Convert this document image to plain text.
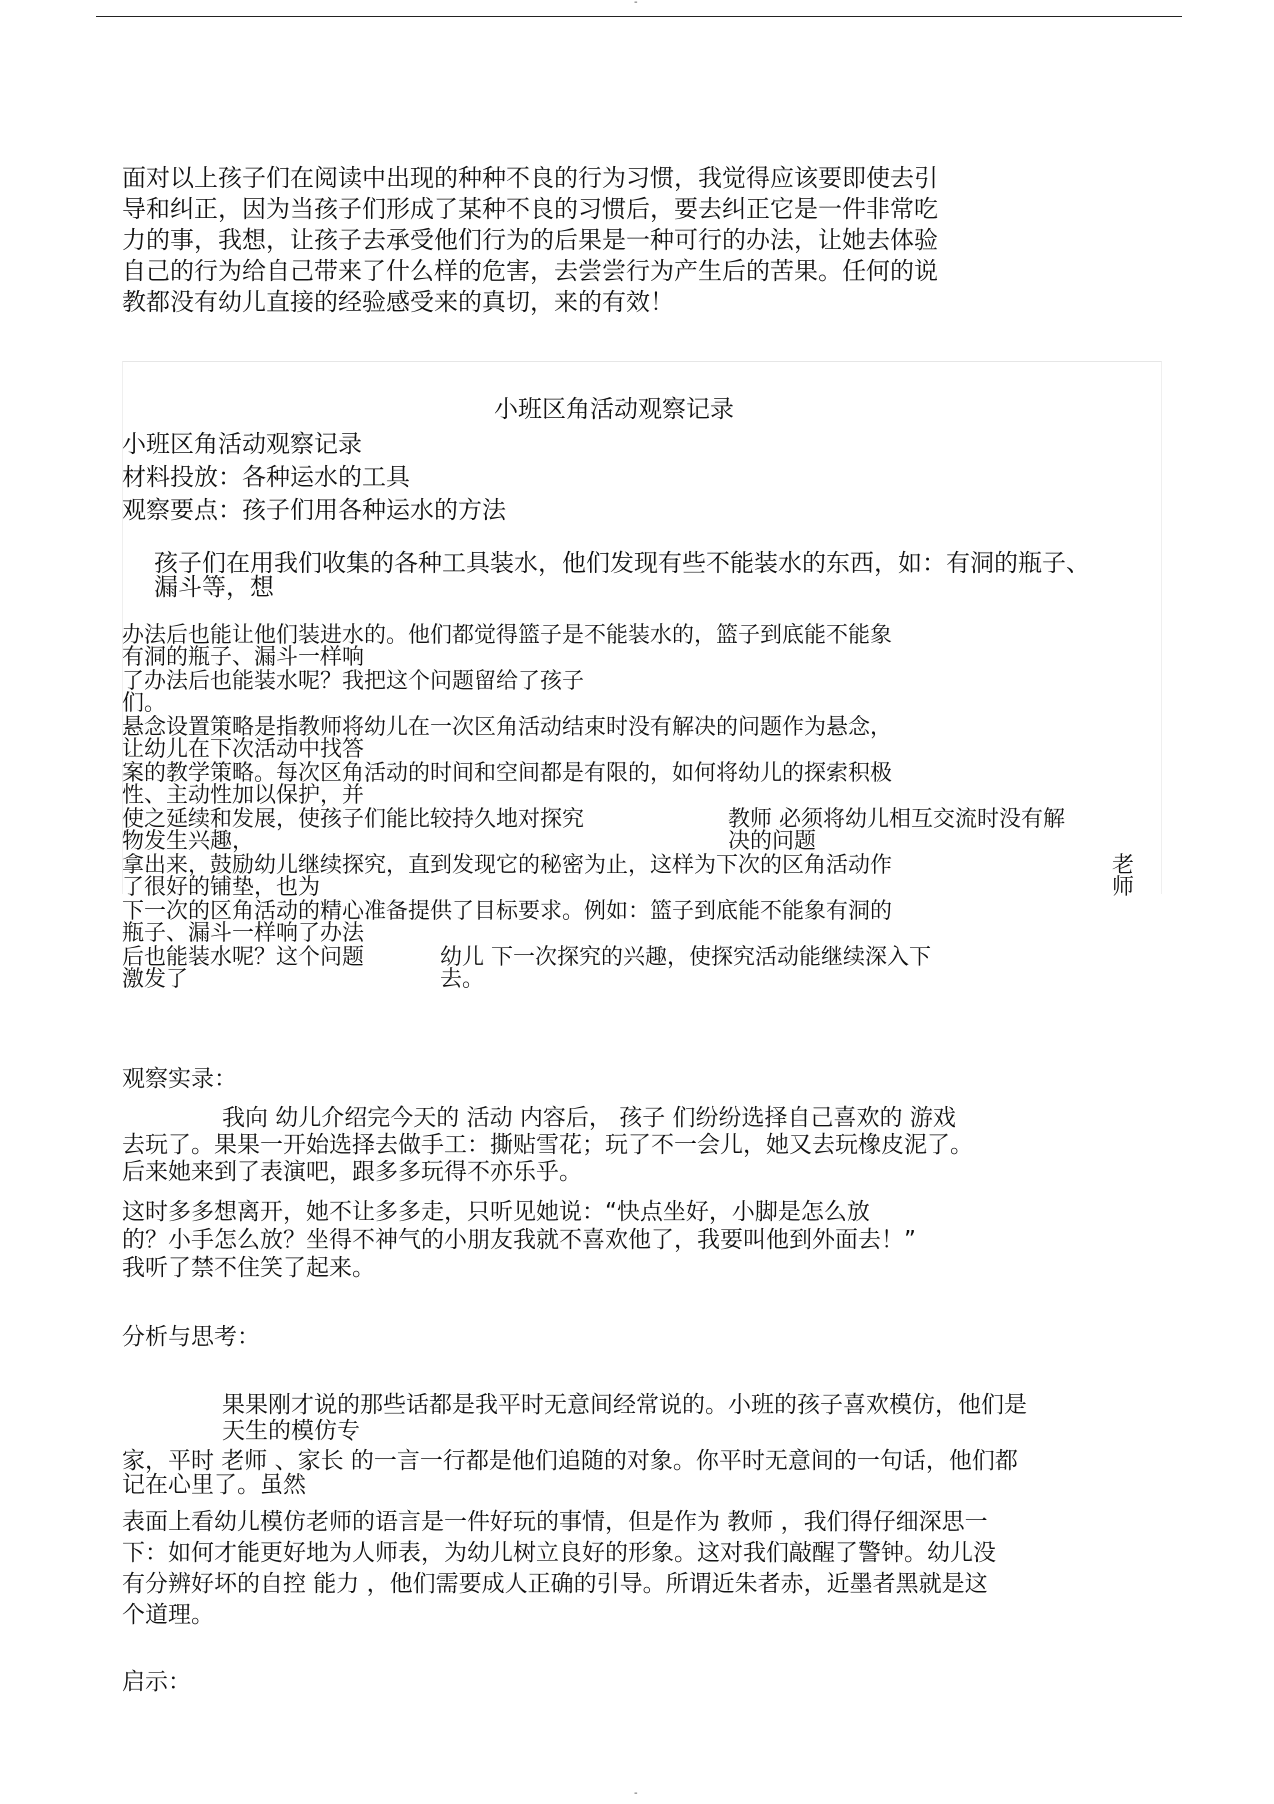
-
面对以上孩子们在阅读中出现的种种不良的行为习惯，我觉得应该要即使去引
导和纠正，因为当孩子们形成了某种不良的习惯后，要去纠正它是一件非常吃
力的事，我想，让孩子去承受他们行为的后果是一种可行的办法，让她去体验
自己的行为给自己带来了什么样的危害，去尝尝行为产生后的苦果。任何的说
教都没有幼儿直接的经验感受来的真切，来的有效！
小班区角活动观察记录
小班区角活动观察记录
材料投放：各种运水的工具
观察要点：孩子们用各种运水的方法
孩子们在用我们收集的各种工具装水，他们发现有些不能装水的东西，如：有洞的瓶子、
漏斗等，想
办法后也能让他们装进水的。他们都觉得篮子是不能装水的，篮子到底能不能象
有洞的瓶子、漏斗一样响
了办法后也能装水呢？我把这个问题留给了孩子
们。
悬念设置策略是指教师将幼儿在一次区角活动结束时没有解决的问题作为悬念，
让幼儿在下次活动中找答
案的教学策略。每次区角活动的时间和空间都是有限的，如何将幼儿的探索积极
性、主动性加以保护，并
使之延续和发展，使孩子们能比较持久地对探究	教师 必须将幼儿相互交流时没有解
物发生兴趣，	决的问题
拿出来，鼓励幼儿继续探究，直到发现它的秘密为止，这样为下次的区角活动作	老
了很好的铺垫，也为	师
下一次的区角活动的精心准备提供了目标要求。例如：篮子到底能不能象有洞的
瓶子、漏斗一样响了办法
后也能装水呢？这个问题	幼儿 下一次探究的兴趣，使探究活动能继续深入下
激发了	去。
观察实录：
我向 幼儿介绍完今天的 活动 内容后， 孩子 们纷纷选择自己喜欢的 游戏
去玩了。果果一开始选择去做手工：撕贴雪花；玩了不一会儿，她又去玩橡皮泥了。
后来她来到了表演吧，跟多多玩得不亦乐乎。
这时多多想离开，她不让多多走，只听见她说：“快点坐好，小脚是怎么放
的？小手怎么放？坐得不神气的小朋友我就不喜欢他了，我要叫他到外面去！”
我听了禁不住笑了起来。
分析与思考：
果果刚才说的那些话都是我平时无意间经常说的。小班的孩子喜欢模仿，他们是
天生的模仿专
家，平时 老师 、家长 的一言一行都是他们追随的对象。你平时无意间的一句话，他们都
记在心里了。虽然
表面上看幼儿模仿老师的语言是一件好玩的事情，但是作为 教师 ，我们得仔细深思一
下：如何才能更好地为人师表，为幼儿树立良好的形象。这对我们敲醒了警钟。幼儿没
有分辨好坏的自控 能力 ，他们需要成人正确的引导。所谓近朱者赤，近墨者黑就是这
个道理。
启示：
-
